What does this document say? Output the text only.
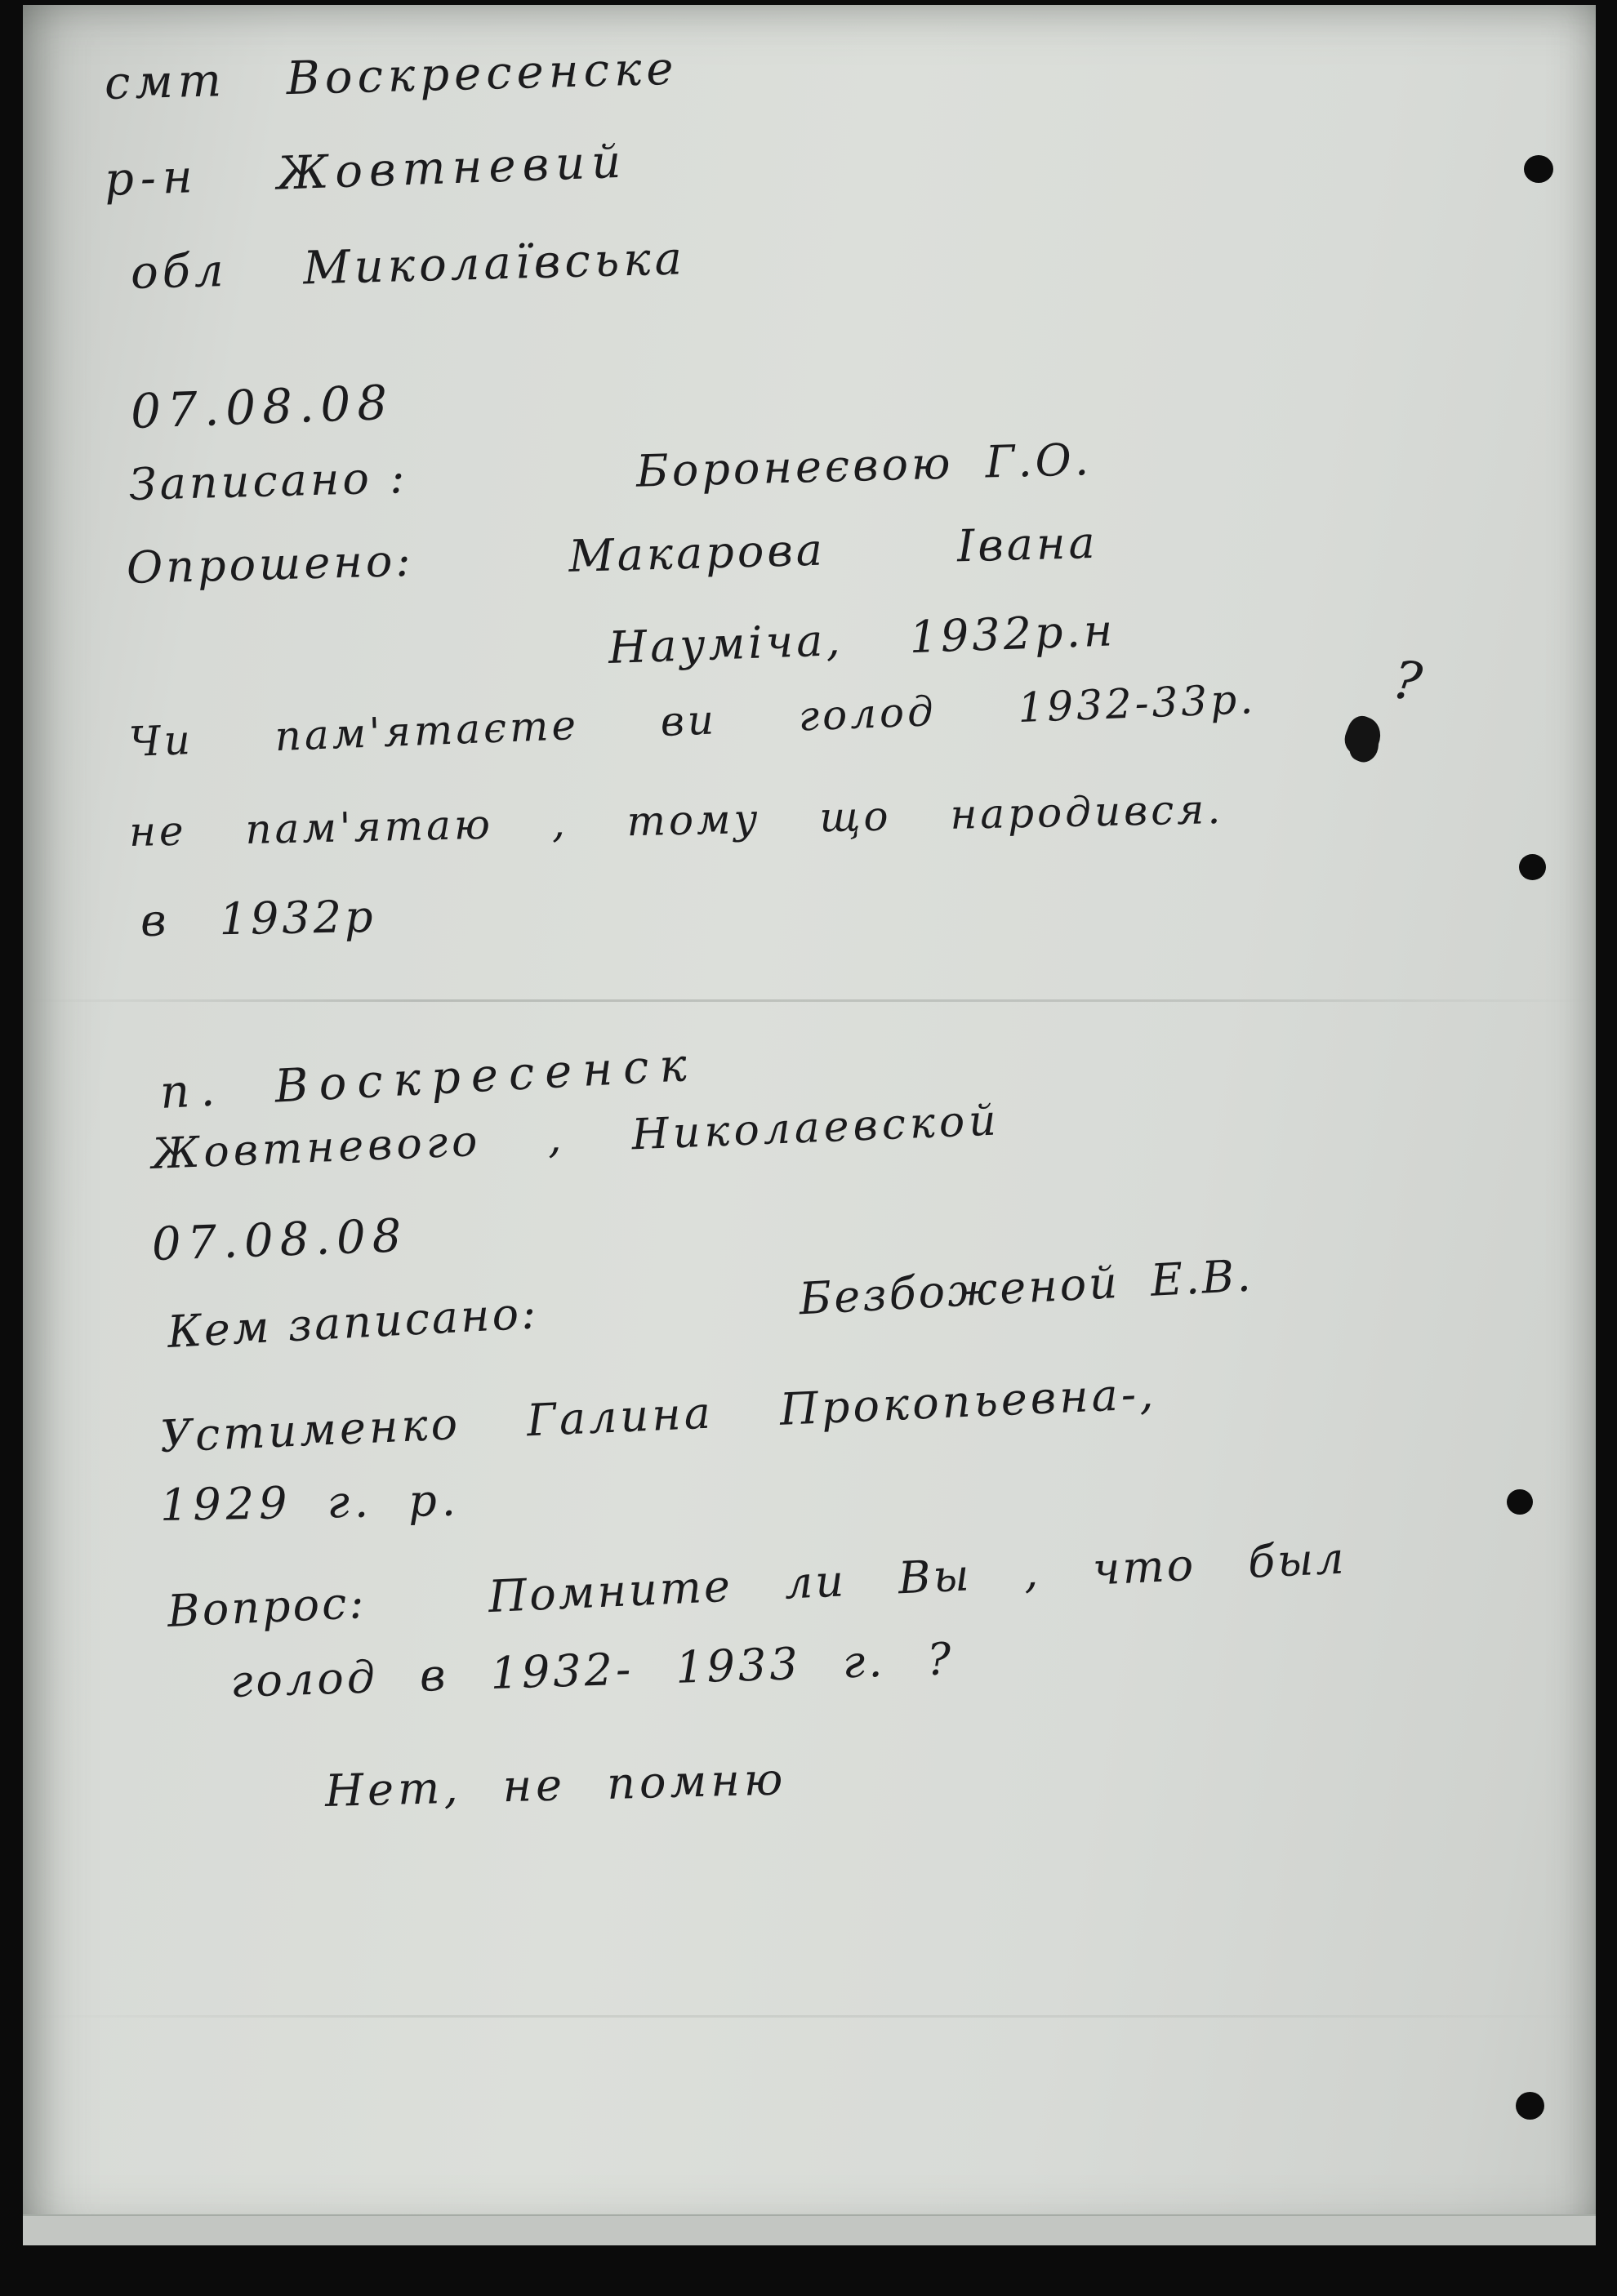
смт Воскресенске
р-н Жовтневий
обл Миколаївська
07.08.08
Записано :	Боронеєвою Г.О.
Опрошено:	Макарова Івана
Наумiча, 1932р.н
Чи пам'ятаєте ви голод 1932-33р.	?
не пам'ятаю , тому що народився.
в 1932р
п. Воскресенск
Жовтневого , Николаевской
07.08.08
Кем записано:	Безбоженой Е.В.
Устименко Галина Прокопьевна-,
1929 г. р.
Вопрос:	Помните ли Вы , что был
голод в 1932- 1933 г. ?
Нет, не помню
